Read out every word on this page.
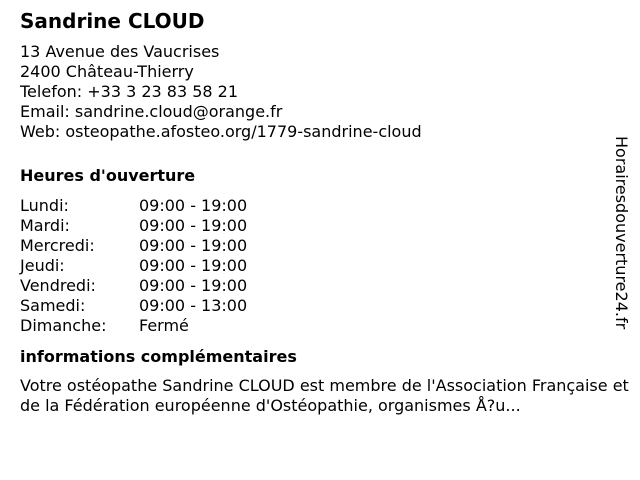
Sandrine CLOUD
13 Avenue des Vaucrises
2400 Château-Thierry
Telefon: +33 3 23 83 58 21
Email: sandrine.cloud@orange.fr
Web: osteopathe.afosteo.org/1779-sandrine-cloud
Heures d'ouverture
Lundi:	09:00 - 19:00
Mardi:	09:00 - 19:00
Mercredi:	09:00 - 19:00
Jeudi:	09:00 - 19:00
Vendredi:	09:00 - 19:00
Samedi:	09:00 - 13:00
Dimanche: Fermé
informations complémentaires

Votre ostéopathe Sandrine CLOUD est membre de l'Association Française et de la Fédération européenne d'Ostéopathie, organismes Å?u...

Horairesdouverture24.fr
